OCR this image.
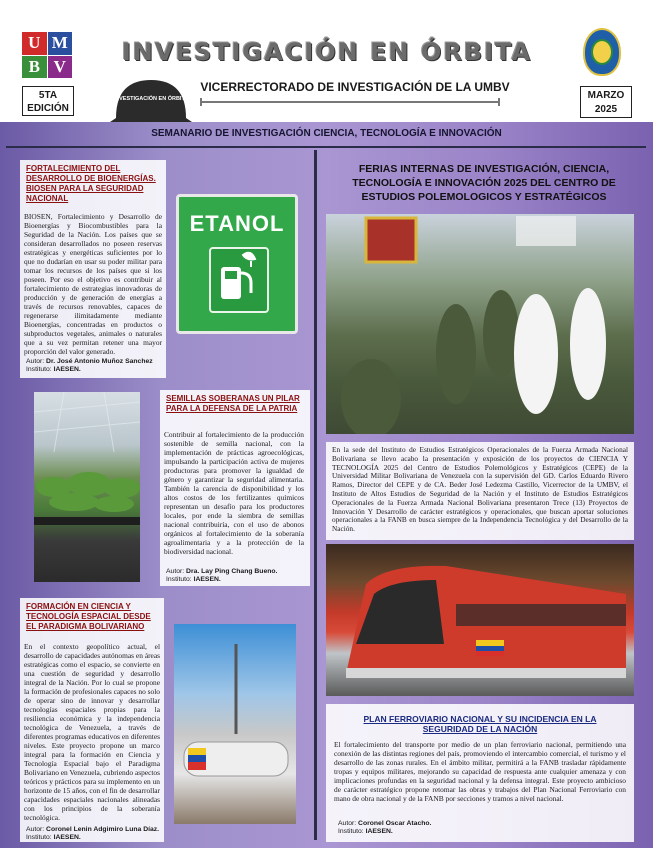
U M
B V
INVESTIGACIÓN EN ÓRBITA
5TA
EDICIÓN
INVESTIGACIÓN EN ÓRBITA
VICERRECTORADO DE INVESTIGACIÓN DE LA UMBV
MARZO
2025
SEMANARIO DE INVESTIGACIÓN CIENCIA, TECNOLOGÍA E INNOVACIÓN
FORTALECIMIENTO DEL DESARROLLO DE BIOENERGÍAS. BIOSEN PARA LA SEGURIDAD NACIONAL
BIOSEN, Fortalecimiento y Desarrollo de Bioenergías y Biocombustibles para la Seguridad de la Nación. Los países que se consideran desarrollados no poseen reservas estratégicas y energéticas suficientes por lo que no dudarían en usar su poder militar para tomar los recursos de los países que si los poseen. Por eso el objetivo es contribuir al fortalecimiento de estrategias innovadoras de producción y de generación de energías a través de recursos renovables, capaces de regenerarse ilimitadamente mediante Bioenergías, concentradas en productos o subproductos vegetales, animales o naturales que a su vez permitan retener una mayor proporción del valor generado.
Autor: Dr. José Antonio Muñoz Sanchez
Instituto: IAESEN.
ETANOL
SEMILLAS SOBERANAS UN PILAR PARA LA DEFENSA DE LA PATRIA
Contribuir al fortalecimiento de la producción sostenible de semilla nacional, con la implementación de prácticas agroecológicas, impulsando la participación activa de mujeres productoras para promover la igualdad de género y garantizar la seguridad alimentaria. También la carencia de disponibilidad y los altos costos de los fertilizantes químicos representan un desafío para los productores locales, por ende la siembra de semillas nacional contribuiría, con el uso de abonos orgánicos al fortalecimiento de la soberanía agroalimentaria y a la protección de la biodiversidad nacional.
Autor: Dra. Lay Ping Chang Bueno.
Instituto: IAESEN.
FORMACIÓN EN CIENCIA Y TECNOLOGÍA ESPACIAL DESDE EL PARADIGMA BOLIVARIANO
En el contexto geopolítico actual, el desarrollo de capacidades autónomas en áreas estratégicas como el espacio, se convierte en una cuestión de seguridad y desarrollo integral de la Nación. Por lo cual se propone la formación de profesionales capaces no solo de operar sino de innovar y desarrollar tecnologías espaciales propias para la resiliencia económica y la independencia tecnológica de Venezuela, a través de diferentes programas educativos en diferentes niveles. Este proyecto propone un marco integral para la formación en Ciencia y Tecnología Espacial bajo el Paradigma Bolivariano en Venezuela, cubriendo aspectos teóricos y prácticos para su implemento en un horizonte de 15 años, con el fin de desarrollar capacidades espaciales nacionales alineadas con los principios de la soberanía tecnológica.
Autor: Coronel Lenin Adgimiro Luna Díaz.
Instituto: IAESEN.
FERIAS INTERNAS DE INVESTIGACIÓN, CIENCIA, TECNOLOGÍA E INNOVACIÓN 2025 DEL CENTRO DE ESTUDIOS POLEMOLOGICOS Y ESTRATÉGICOS
En la sede del Instituto de Estudios Estratégicos Operacionales de la Fuerza Armada Nacional Bolivariana se llevo acabo la presentación y exposición de los proyectos de CIENCIA Y TECNOLOGÍA 2025 del Centro de Estudios Polemológicos y Estratégicos (CEPE) de la Universidad Militar Bolivariana de Venezuela con la supervisión del GD. Carlos Eduardo Rivero Ramos, Director del CEPE y de CA. Beder José Ledezma Castillo, Vicerrector de la UMBV, el Instituto de Altos Estudios de Seguridad de la Nación y el Instituto de Estudios Estratégicos Operacionales de la Fuerza Armada Nacional Bolivariana presentaron Trece (13) Proyectos de Innovación Y Desarrollo de carácter estratégicos y operacionales, que buscan aportar soluciones operacionales a la FANB en busca siempre de la Independencia Tecnológica y del Desarrollo de la Nación.
PLAN FERROVIARIO NACIONAL Y SU INCIDENCIA EN LA SEGURIDAD DE LA NACIÓN
El fortalecimiento del transporte por medio de un plan ferroviario nacional, permitiendo una conexión de las distintas regiones del país, promoviendo el intercambio comercial, el turismo y el desarrollo de las zonas rurales. En el ámbito militar, permitirá a la FANB trasladar rápidamente tropas y equipos militares, mejorando su capacidad de respuesta ante cualquier amenaza y con implicaciones profundas en la seguridad nacional y la defensa integral. Este proyecto ambicioso de carácter estratégico propone retomar las obras y trabajos del Plan Nacional Ferroviario con mano de obra nacional y de la FANB por secciones y tramos a nivel nacional.
Autor: Coronel Oscar Atacho.
Instituto: IAESEN.
